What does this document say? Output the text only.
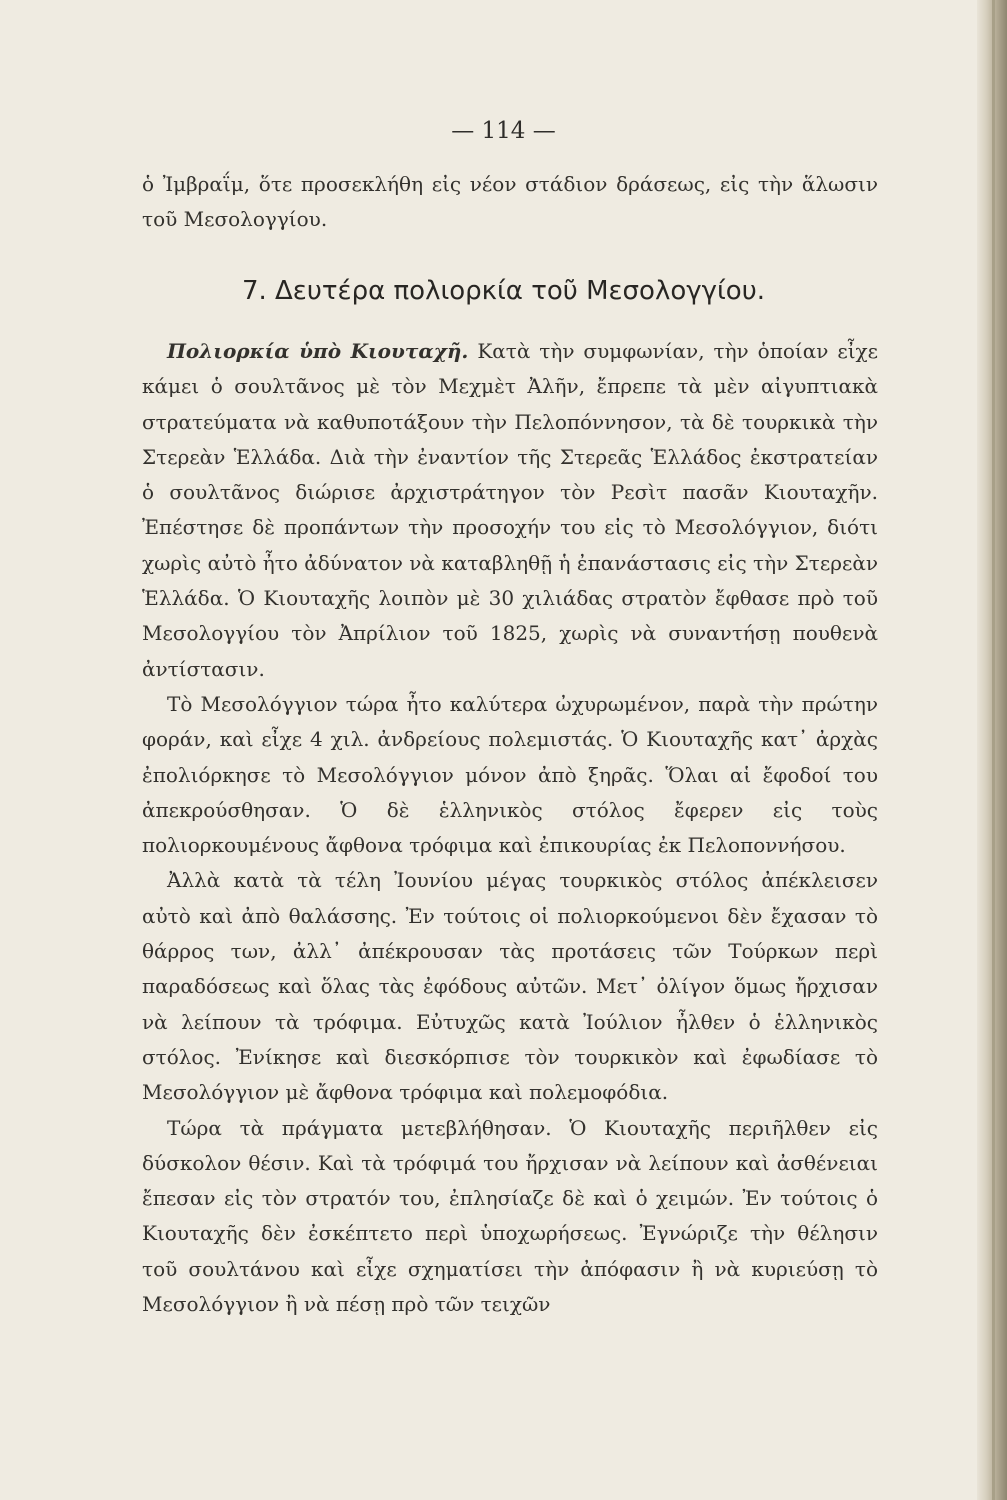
— 114 —

ὁ Ἰμβραΐμ, ὅτε προσεκλήθη εἰς νέον στάδιον δράσεως, εἰς τὴν ἅλωσιν τοῦ Μεσολογγίου.

7. Δευτέρα πολιορκία τοῦ Μεσολογγίου.

Πολιορκία ὑπὸ Κιουταχῆ. Κατὰ τὴν συμφωνίαν, τὴν ὁποίαν εἶχε κάμει ὁ σουλτᾶνος μὲ τὸν Μεχμὲτ Ἀλῆν, ἔπρεπε τὰ μὲν αἰγυπτιακὰ στρατεύματα νὰ καθυποτάξουν τὴν Πελοπόννησον, τὰ δὲ τουρκικὰ τὴν Στερεὰν Ἑλλάδα. Διὰ τὴν ἐναντίον τῆς Στερεᾶς Ἑλλάδος ἐκστρατείαν ὁ σουλτᾶνος διώρισε ἀρχιστράτηγον τὸν Ρεσὶτ πασᾶν Κιουταχῆν. Ἐπέστησε δὲ προπάντων τὴν προσοχήν του εἰς τὸ Μεσολόγγιον, διότι χωρὶς αὐτὸ ἦτο ἀδύνατον νὰ καταβληθῇ ἡ ἐπανάστασις εἰς τὴν Στερεὰν Ἑλλάδα. Ὁ Κιουταχῆς λοιπὸν μὲ 30 χιλιάδας στρατὸν ἔφθασε πρὸ τοῦ Μεσολογγίου τὸν Ἀπρίλιον τοῦ 1825, χωρὶς νὰ συναντήσῃ πουθενὰ ἀντίστασιν.

Τὸ Μεσολόγγιον τώρα ἦτο καλύτερα ὠχυρωμένον, παρὰ τὴν πρώτην φοράν, καὶ εἶχε 4 χιλ. ἀνδρείους πολεμιστάς. Ὁ Κιουταχῆς κατ᾽ ἀρχὰς ἐπολιόρκησε τὸ Μεσολόγγιον μόνον ἀπὸ ξηρᾶς. Ὅλαι αἱ ἔφοδοί του ἀπεκρούσθησαν. Ὁ δὲ ἑλληνικὸς στόλος ἔφερεν εἰς τοὺς πολιορκουμένους ἄφθονα τρόφιμα καὶ ἐπικουρίας ἐκ Πελοποννήσου.

Ἀλλὰ κατὰ τὰ τέλη Ἰουνίου μέγας τουρκικὸς στόλος ἀπέκλεισεν αὐτὸ καὶ ἀπὸ θαλάσσης. Ἐν τούτοις οἱ πολιορκούμενοι δὲν ἔχασαν τὸ θάρρος των, ἀλλ᾽ ἀπέκρουσαν τὰς προτάσεις τῶν Τούρκων περὶ παραδόσεως καὶ ὅλας τὰς ἐφόδους αὐτῶν. Μετ᾽ ὀλίγον ὅμως ἤρχισαν νὰ λείπουν τὰ τρόφιμα. Εὐτυχῶς κατὰ Ἰούλιον ἦλθεν ὁ ἑλληνικὸς στόλος. Ἐνίκησε καὶ διεσκόρπισε τὸν τουρκικὸν καὶ ἐφωδίασε τὸ Μεσολόγγιον μὲ ἄφθονα τρόφιμα καὶ πολεμοφόδια.

Τώρα τὰ πράγματα μετεβλήθησαν. Ὁ Κιουταχῆς περιῆλθεν εἰς δύσκολον θέσιν. Καὶ τὰ τρόφιμά του ἤρχισαν νὰ λείπουν καὶ ἀσθένειαι ἔπεσαν εἰς τὸν στρατόν του, ἐπλησίαζε δὲ καὶ ὁ χειμών. Ἐν τούτοις ὁ Κιουταχῆς δὲν ἐσκέπτετο περὶ ὑποχωρήσεως. Ἐγνώριζε τὴν θέλησιν τοῦ σουλτάνου καὶ εἶχε σχηματίσει τὴν ἀπόφασιν ἢ νὰ κυριεύσῃ τὸ Μεσολόγγιον ἢ νὰ πέσῃ πρὸ τῶν τειχῶν
